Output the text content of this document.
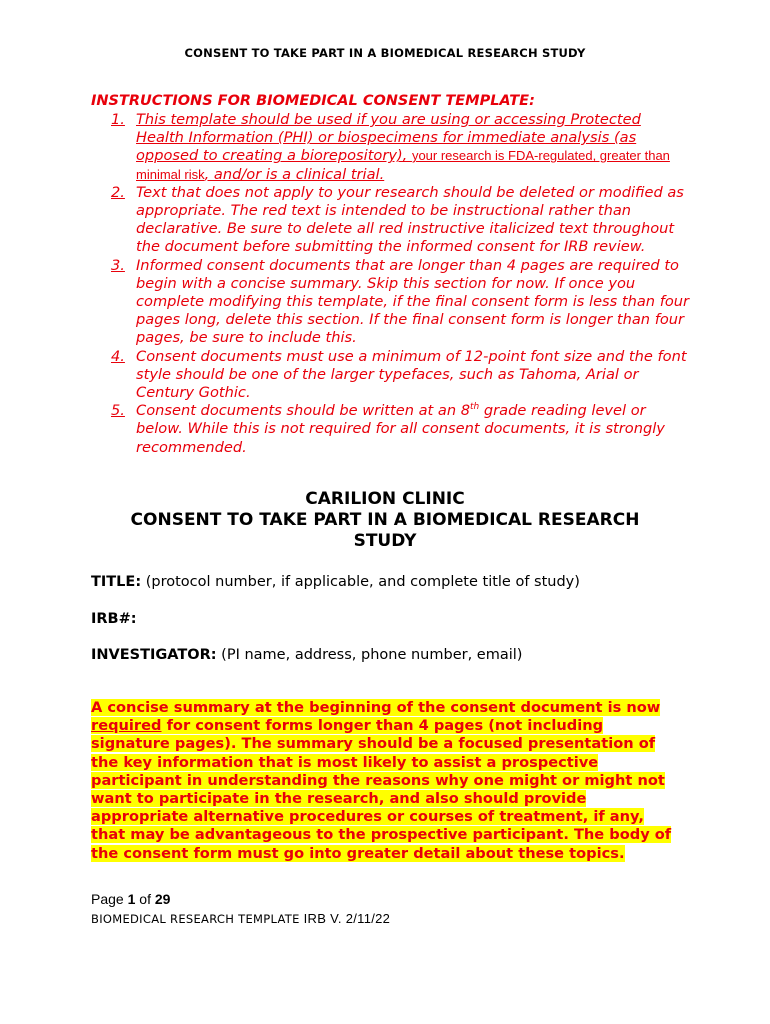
CONSENT TO TAKE PART IN A BIOMEDICAL RESEARCH STUDY
INSTRUCTIONS FOR BIOMEDICAL CONSENT TEMPLATE:
1. This template should be used if you are using or accessing Protected Health Information (PHI) or biospecimens for immediate analysis (as opposed to creating a biorepository), your research is FDA-regulated, greater than minimal risk, and/or is a clinical trial.
2. Text that does not apply to your research should be deleted or modified as appropriate. The red text is intended to be instructional rather than declarative. Be sure to delete all red instructive italicized text throughout the document before submitting the informed consent for IRB review.
3. Informed consent documents that are longer than 4 pages are required to begin with a concise summary. Skip this section for now. If once you complete modifying this template, if the final consent form is less than four pages long, delete this section. If the final consent form is longer than four pages, be sure to include this.
4. Consent documents must use a minimum of 12-point font size and the font style should be one of the larger typefaces, such as Tahoma, Arial or Century Gothic.
5. Consent documents should be written at an 8th grade reading level or below. While this is not required for all consent documents, it is strongly recommended.
CARILION CLINIC
CONSENT TO TAKE PART IN A BIOMEDICAL RESEARCH STUDY
TITLE: (protocol number, if applicable, and complete title of study)
IRB#:
INVESTIGATOR: (PI name, address, phone number, email)
A concise summary at the beginning of the consent document is now required for consent forms longer than 4 pages (not including signature pages). The summary should be a focused presentation of the key information that is most likely to assist a prospective participant in understanding the reasons why one might or might not want to participate in the research, and also should provide appropriate alternative procedures or courses of treatment, if any, that may be advantageous to the prospective participant. The body of the consent form must go into greater detail about these topics.
Page 1 of 29
BIOMEDICAL RESEARCH TEMPLATE IRB V. 2/11/22
